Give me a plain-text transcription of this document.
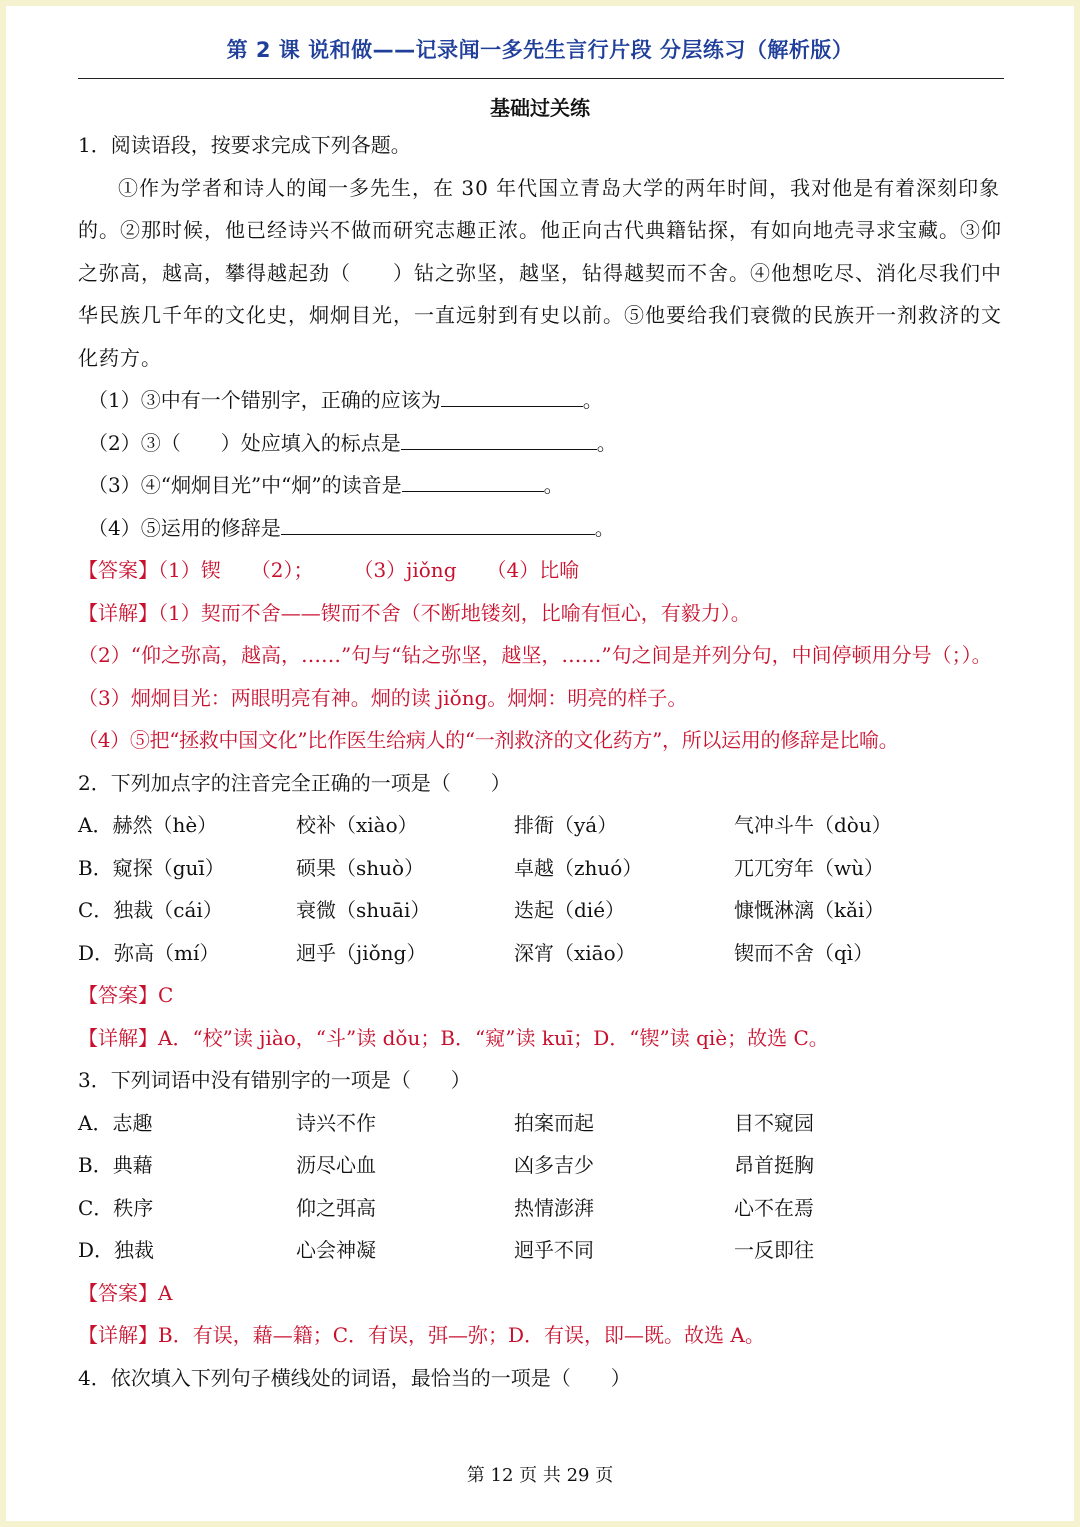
第 2 课 说和做——记录闻一多先生言行片段 分层练习（解析版）
基础过关练
1．阅读语段，按要求完成下列各题。
①作为学者和诗人的闻一多先生，在 30 年代国立青岛大学的两年时间，我对他是有着深刻印象的。②那时候，他已经诗兴不做而研究志趣正浓。他正向古代典籍钻探，有如向地壳寻求宝藏。③仰之弥高，越高，攀得越起劲（　　）钻之弥坚，越坚，钻得越契而不舍。④他想吃尽、消化尽我们中华民族几千年的文化史，炯炯目光，一直远射到有史以前。⑤他要给我们衰微的民族开一剂救济的文化药方。
（1）③中有一个错别字，正确的应该为	。
（2）③（　　）处应填入的标点是	。
（3）④“炯炯目光”中“炯”的读音是	。
（4）⑤运用的修辞是	。
【答案】（1）锲　　（2）；　　　（3）jiǒng　　（4）比喻
【详解】（1）契而不舍——锲而不舍（不断地镂刻，比喻有恒心，有毅力）。
（2）“仰之弥高，越高，……”句与“钻之弥坚，越坚，……”句之间是并列分句，中间停顿用分号（；）。
（3）炯炯目光：两眼明亮有神。炯的读 jiǒng。炯炯：明亮的样子。
（4）⑤把“拯救中国文化”比作医生给病人的“一剂救济的文化药方”，所以运用的修辞是比喻。
2．下列加点字的注音完全正确的一项是（　　）
A．赫然（hè）	校补（xiào）	排衙（yá）	气冲斗牛（dòu）
B．窥探（guī）	硕果（shuò）	卓越（zhuó）	兀兀穷年（wù）
C．独裁（cái）	衰微（shuāi）	迭起（dié）	慷慨淋漓（kǎi）
D．弥高（mí）	迥乎（jiǒng）	深宵（xiāo）	锲而不舍（qì）
【答案】C
【详解】A．“校”读 jiào，“斗”读 dǒu；B．“窥”读 kuī；D．“锲”读 qiè；故选 C。
3．下列词语中没有错别字的一项是（　　）
A．志趣	诗兴不作	拍案而起	目不窥园
B．典藉	沥尽心血	凶多吉少	昂首挺胸
C．秩序	仰之弭高	热情澎湃	心不在焉
D．独裁	心会神凝	迥乎不同	一反即往
【答案】A
【详解】B．有误，藉—籍；C．有误，弭—弥；D．有误，即—既。故选 A。
4．依次填入下列句子横线处的词语，最恰当的一项是（　　）
第 12 页 共 29 页
